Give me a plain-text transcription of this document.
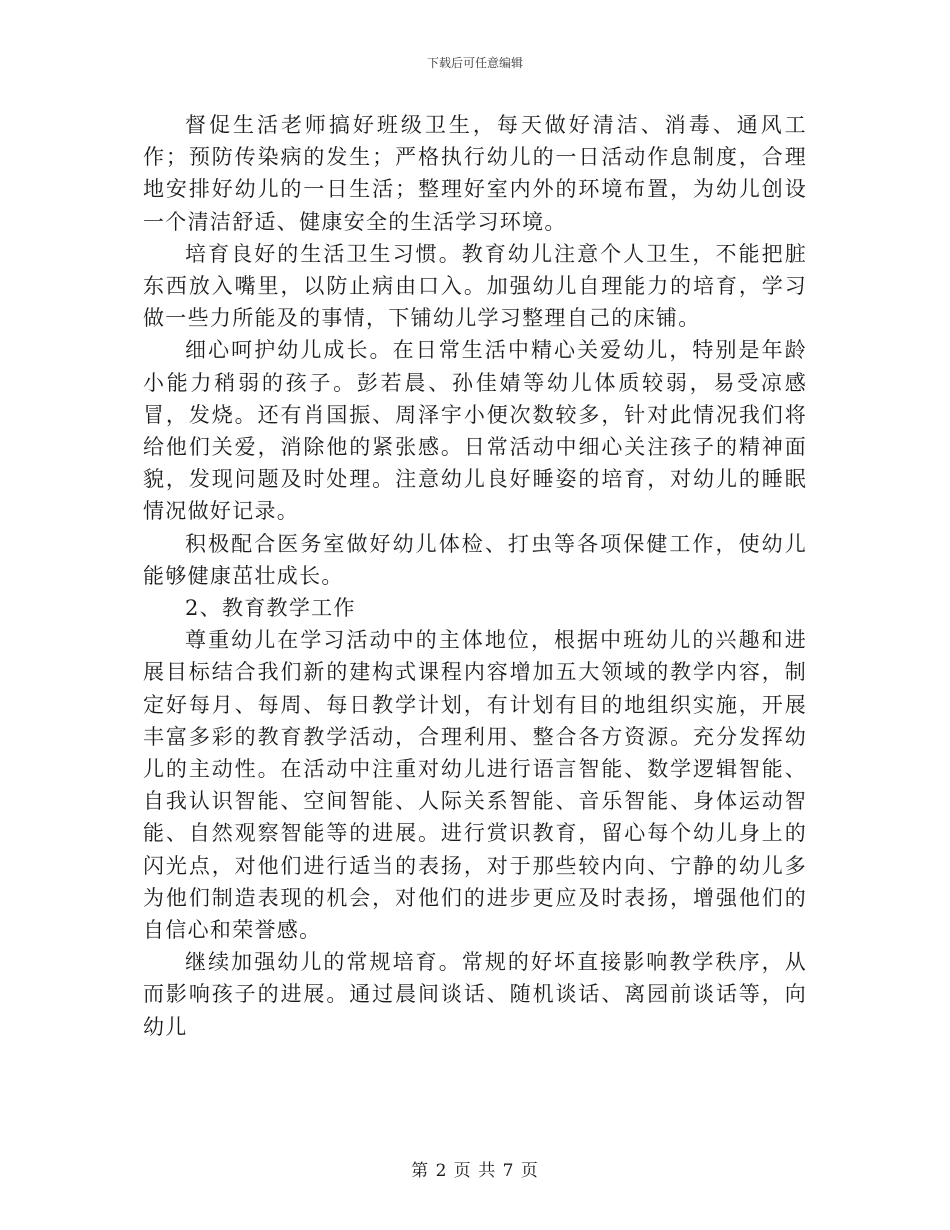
下载后可任意编辑

督促生活老师搞好班级卫生，每天做好清洁、消毒、通风工作；预防传染病的发生；严格执行幼儿的一日活动作息制度，合理地安排好幼儿的一日生活；整理好室内外的环境布置，为幼儿创设一个清洁舒适、健康安全的生活学习环境。

培育良好的生活卫生习惯。教育幼儿注意个人卫生，不能把脏东西放入嘴里，以防止病由口入。加强幼儿自理能力的培育，学习做一些力所能及的事情，下铺幼儿学习整理自己的床铺。

细心呵护幼儿成长。在日常生活中精心关爱幼儿，特别是年龄小能力稍弱的孩子。彭若晨、孙佳婧等幼儿体质较弱，易受凉感冒，发烧。还有肖国振、周泽宇小便次数较多，针对此情况我们将给他们关爱，消除他的紧张感。日常活动中细心关注孩子的精神面貌，发现问题及时处理。注意幼儿良好睡姿的培育，对幼儿的睡眠情况做好记录。

积极配合医务室做好幼儿体检、打虫等各项保健工作，使幼儿能够健康茁壮成长。

2、教育教学工作

尊重幼儿在学习活动中的主体地位，根据中班幼儿的兴趣和进展目标结合我们新的建构式课程内容增加五大领域的教学内容，制定好每月、每周、每日教学计划，有计划有目的地组织实施，开展丰富多彩的教育教学活动，合理利用、整合各方资源。充分发挥幼儿的主动性。在活动中注重对幼儿进行语言智能、数学逻辑智能、自我认识智能、空间智能、人际关系智能、音乐智能、身体运动智能、自然观察智能等的进展。进行赏识教育，留心每个幼儿身上的闪光点，对他们进行适当的表扬，对于那些较内向、宁静的幼儿多为他们制造表现的机会，对他们的进步更应及时表扬，增强他们的自信心和荣誉感。

继续加强幼儿的常规培育。常规的好坏直接影响教学秩序，从而影响孩子的进展。通过晨间谈话、随机谈话、离园前谈话等，向幼儿

第 2 页 共 7 页
